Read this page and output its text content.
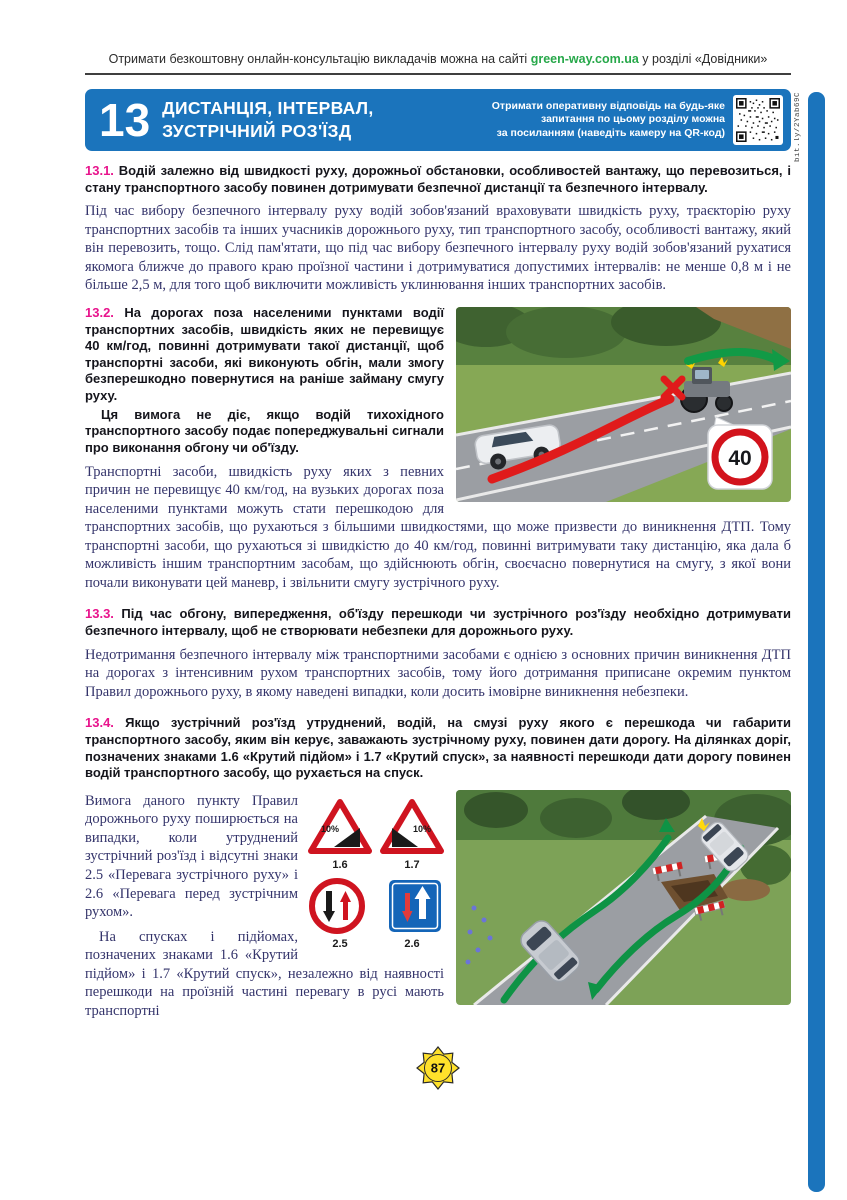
bit.ly/2Yab69C
Отримати безкоштовну онлайн-консультацію викладачів можна на сайті green-way.com.ua у розділі «Довідники»
13 ДИСТАНЦІЯ, ІНТЕРВАЛ,
ЗУСТРІЧНИЙ РОЗ'ЇЗД
Отримати оперативну відповідь на будь-яке
запитання по цьому розділу можна
за посиланням (наведіть камеру на QR-код)

13.1. Водій залежно від швидкості руху, дорожньої обстановки, особливостей вантажу, що перевозиться, і стану транспортного засобу повинен дотримувати безпечної дистанції та безпечного інтервалу.

Під час вибору безпечного інтервалу руху водій зобов'язаний враховувати швидкість руху, траєкторію руху транспортних засобів та інших учасників дорожнього руху, тип транспортного засобу, особливості вантажу, який він перевозить, тощо. Слід пам'ятати, що під час вибору безпечного інтервалу руху водій зобов'язаний рухатися якомога ближче до правого краю проїзної частини і дотримуватися допустимих інтервалів: не менше 0,8 м і не більше 2,5 м, для того щоб виключити можливість уклинювання інших транспортних засобів.

40

13.2. На дорогах поза населеними пунктами водії транспортних засобів, швидкість яких не перевищує 40 км/год, повинні дотримувати такої дистанції, щоб транспортні засоби, які виконують обгін, мали змогу безперешкодно повернутися на раніше займану смугу руху.

Ця вимога не діє, якщо водій тихохідного транспортного засобу подає попереджувальні сигнали про виконання обгону чи об'їзду.

Транспортні засоби, швидкість руху яких з певних причин не перевищує 40 км/год, на вузьких дорогах поза населеними пунктами можуть стати перешкодою для транспортних засобів, що рухаються з більшими швидкостями, що може призвести до виникнення ДТП. Тому транспортні засоби, що рухаються зі швидкістю до 40 км/год, повинні витримувати таку дистанцію, яка дала б можливість іншим транспортним засобам, що здійснюють обгін, своєчасно повернутися на смугу, з якої вони почали виконувати цей маневр, і звільнити смугу зустрічного руху.

13.3. Під час обгону, випередження, об'їзду перешкоди чи зустрічного роз'їзду необхідно дотримувати безпечного інтервалу, щоб не створювати небезпеки для дорожнього руху.

Недотримання безпечного інтервалу між транспортними засобами є однією з основних причин виникнення ДТП на дорогах з інтенсивним рухом транспортних засобів, тому його дотримання приписане окремим пунктом Правил дорожнього руху, в якому наведені випадки, коли досить імовірне виникнення небезпеки.

13.4. Якщо зустрічний роз'їзд утруднений, водій, на смузі руху якого є перешкода чи габарити транспортного засобу, яким він керує, заважають зустрічному руху, повинен дати дорогу. На ділянках доріг, позначених знаками 1.6 «Крутий підйом» і 1.7 «Крутий спуск», за наявності перешкоди дати дорогу повинен водій транспортного засобу, що рухається на спуск.

10%	10%
1.6	1.7
2.5	2.6

Вимога даного пункту Правил дорожнього руху поширюється на випадки, коли утруднений зустрічний роз'їзд і відсутні знаки 2.5 «Перевага зустрічного руху» і 2.6 «Перевага перед зустрічним рухом».

На спусках і підйомах, позначених знаками 1.6 «Крутий підйом» і 1.7 «Крутий спуск», незалежно від наявності перешкоди на проїзній частині перевагу в русі мають транспортні

87
